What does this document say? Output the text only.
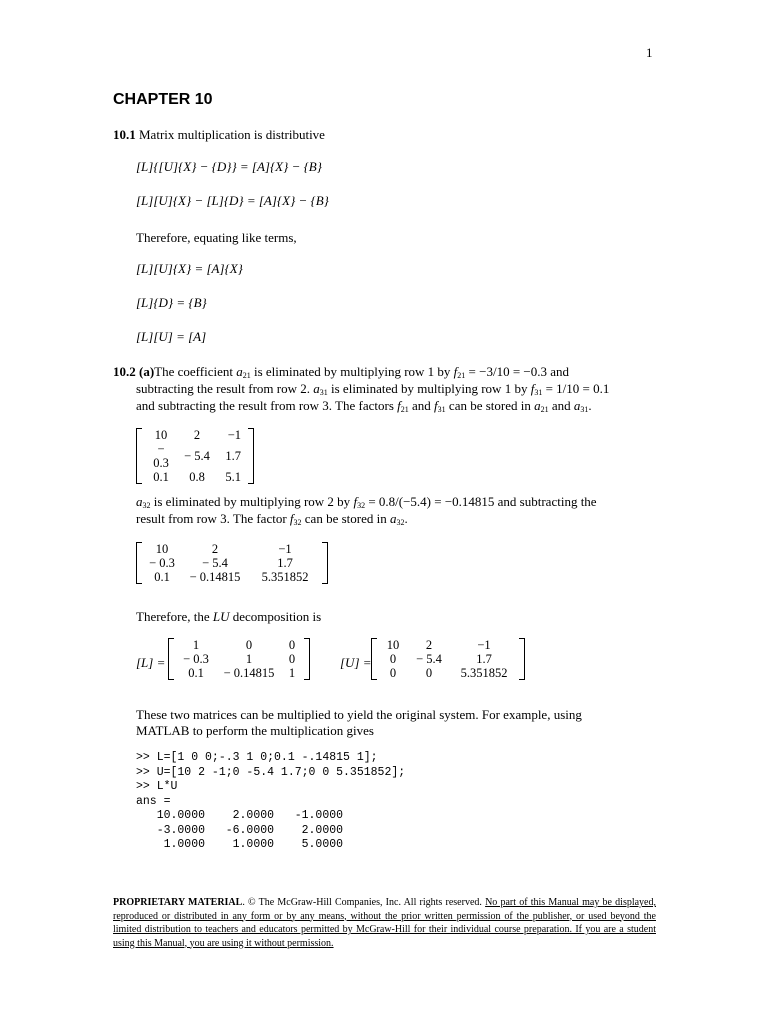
1
CHAPTER 10
10.1 Matrix multiplication is distributive
[L]{[U]{X} − {D}} = [A]{X} − {B}
[L][U]{X} − [L]{D} = [A]{X} − {B}
Therefore, equating like terms,
[L][U]{X} = [A]{X}
[L]{D} = {B}
[L][U] = [A]
10.2 (a)The coefficient $a_{21}$ is eliminated by multiplying row 1 by $f_{21} = -3/10 = -0.3$ and
subtracting the result from row 2. $a_{31}$ is eliminated by multiplying row 1 by $f_{31} = 1/10 = 0.1$
and subtracting the result from row 3. The factors $f_{21}$ and $f_{31}$ can be stored in $a_{21}$ and $a_{31}$.
10	2	−1
− 0.3	− 5.4	1.7
0.1	0.8	5.1
$a_{32}$ is eliminated by multiplying row 2 by $f_{32} = 0.8/(-5.4) = -0.14815$ and subtracting the
result from row 3. The factor $f_{32}$ can be stored in $a_{32}$.
10	2	−1
− 0.3	− 5.4	1.7
0.1	− 0.14815	5.351852
Therefore, the LU decomposition is
[L] =
1	0	0
− 0.3	1	0
0.1	− 0.14815	1
[U] =
10	2	−1
0	− 5.4	1.7
0	0	5.351852
These two matrices can be multiplied to yield the original system. For example, using
MATLAB to perform the multiplication gives
>> L=[1 0 0;-.3 1 0;0.1 -.14815 1];
>> U=[10 2 -1;0 -5.4 1.7;0 0 5.351852];
>> L*U
ans =
10.0000    2.0000   -1.0000
-3.0000   -6.0000    2.0000
1.0000    1.0000    5.0000
PROPRIETARY MATERIAL. © The McGraw-Hill Companies, Inc. All rights reserved. No part of this Manual may be displayed, reproduced or distributed in any form or by any means, without the prior written permission of the publisher, or used beyond the limited distribution to teachers and educators permitted by McGraw-Hill for their individual course preparation. If you are a student using this Manual, you are using it without permission.
